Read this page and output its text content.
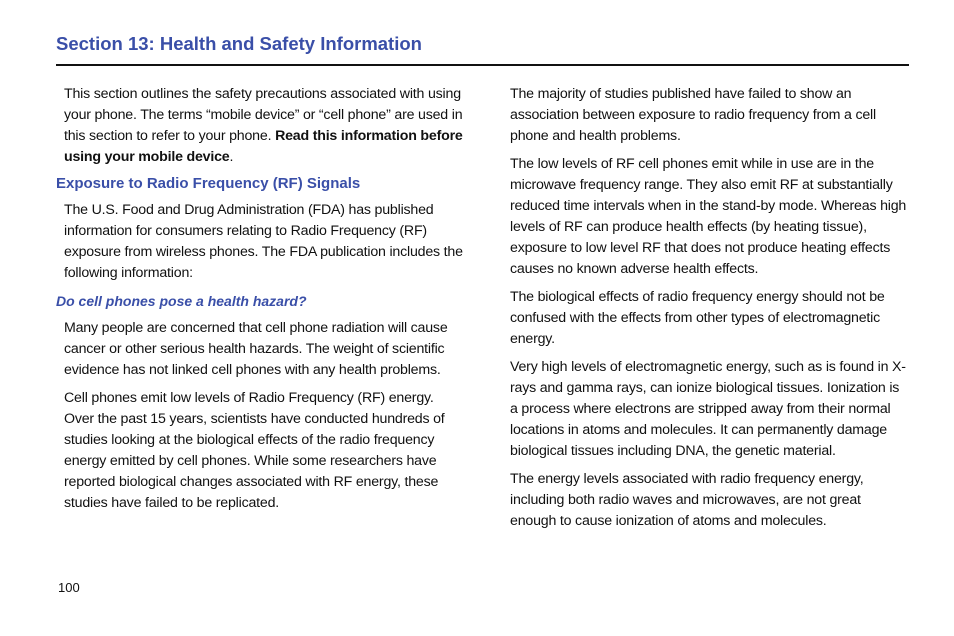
Section 13: Health and Safety Information

This section outlines the safety precautions associated with using your phone. The terms “mobile device” or “cell phone” are used in this section to refer to your phone. Read this information before using your mobile device.

Exposure to Radio Frequency (RF) Signals

The U.S. Food and Drug Administration (FDA) has published information for consumers relating to Radio Frequency (RF) exposure from wireless phones. The FDA publication includes the following information:

Do cell phones pose a health hazard?

Many people are concerned that cell phone radiation will cause cancer or other serious health hazards. The weight of scientific evidence has not linked cell phones with any health problems.

Cell phones emit low levels of Radio Frequency (RF) energy. Over the past 15 years, scientists have conducted hundreds of studies looking at the biological effects of the radio frequency energy emitted by cell phones. While some researchers have reported biological changes associated with RF energy, these studies have failed to be replicated.

The majority of studies published have failed to show an association between exposure to radio frequency from a cell phone and health problems.

The low levels of RF cell phones emit while in use are in the microwave frequency range. They also emit RF at substantially reduced time intervals when in the stand-by mode. Whereas high levels of RF can produce health effects (by heating tissue), exposure to low level RF that does not produce heating effects causes no known adverse health effects.

The biological effects of radio frequency energy should not be confused with the effects from other types of electromagnetic energy.

Very high levels of electromagnetic energy, such as is found in X-rays and gamma rays, can ionize biological tissues. Ionization is a process where electrons are stripped away from their normal locations in atoms and molecules. It can permanently damage biological tissues including DNA, the genetic material.

The energy levels associated with radio frequency energy, including both radio waves and microwaves, are not great enough to cause ionization of atoms and molecules.

100
